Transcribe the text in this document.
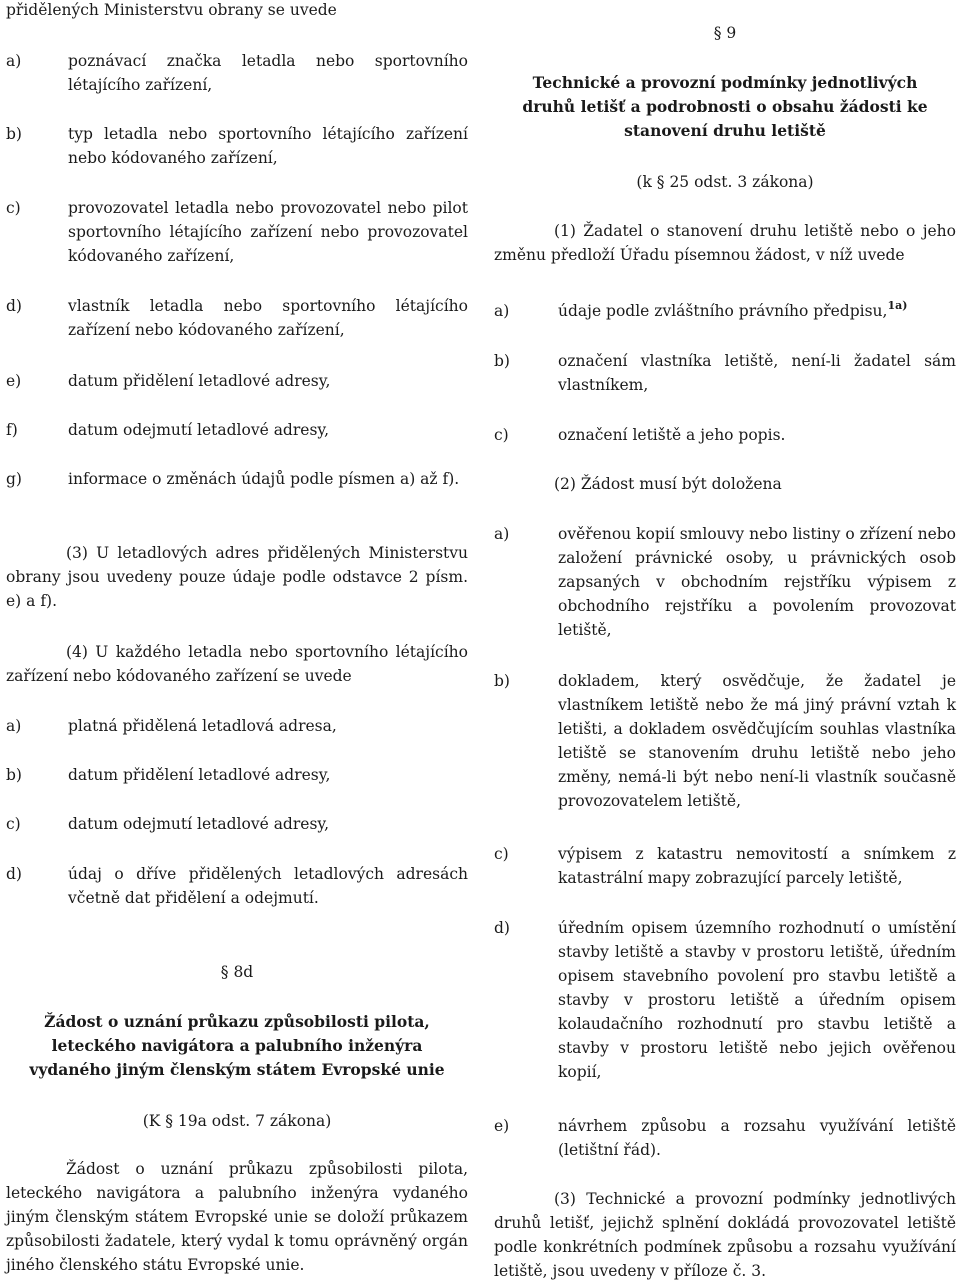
přidělených Ministerstvu obrany se uvede
a)	poznávací značka letadla nebo sportovního létajícího zařízení,
b)	typ letadla nebo sportovního létajícího zařízení nebo kódovaného zařízení,
c)	provozovatel letadla nebo provozovatel nebo pilot sportovního létajícího zařízení nebo provozovatel kódovaného zařízení,
d)	vlastník letadla nebo sportovního létajícího zařízení nebo kódovaného zařízení,
e)	datum přidělení letadlové adresy,
f)	datum odejmutí letadlové adresy,
g)	informace o změnách údajů podle písmen a) až f).
(3) U letadlových adres přidělených Ministerstvu obrany jsou uvedeny pouze údaje podle odstavce 2 písm. e) a f).
(4) U každého letadla nebo sportovního létajícího zařízení nebo kódovaného zařízení se uvede
a)	platná přidělená letadlová adresa,
b)	datum přidělení letadlové adresy,
c)	datum odejmutí letadlové adresy,
d)	údaj o dříve přidělených letadlových adresách včetně dat přidělení a odejmutí.
§ 8d
Žádost o uznání průkazu způsobilosti pilota, leteckého navigátora a palubního inženýra vydaného jiným členským státem Evropské unie
(K § 19a odst. 7 zákona)
Žádost o uznání průkazu způsobilosti pilota, leteckého navigátora a palubního inženýra vydaného jiným členským státem Evropské unie se doloží průkazem způsobilosti žadatele, který vydal k tomu oprávněný orgán jiného členského státu Evropské unie.
§ 9
Technické a provozní podmínky jednotlivých druhů letišť a podrobnosti o obsahu žádosti ke stanovení druhu letiště
(k § 25 odst. 3 zákona)
(1) Žadatel o stanovení druhu letiště nebo o jeho změnu předloží Úřadu písemnou žádost, v níž uvede
a)	údaje podle zvláštního právního předpisu,$^{1a)}$
b)	označení vlastníka letiště, není-li žadatel sám vlastníkem,
c)	označení letiště a jeho popis.
(2) Žádost musí být doložena
a)	ověřenou kopií smlouvy nebo listiny o zřízení nebo založení právnické osoby, u právnických osob zapsaných v obchodním rejstříku výpisem z obchodního rejstříku a povolením provozovat letiště,
b)	dokladem, který osvědčuje, že žadatel je vlastníkem letiště nebo že má jiný právní vztah k letišti, a dokladem osvědčujícím souhlas vlastníka letiště se stanovením druhu letiště nebo jeho změny, nemá-li být nebo není-li vlastník současně provozovatelem letiště,
c)	výpisem z katastru nemovitostí a snímkem z katastrální mapy zobrazující parcely letiště,
d)	úředním opisem územního rozhodnutí o umístění stavby letiště a stavby v prostoru letiště, úředním opisem stavebního povolení pro stavbu letiště a stavby v prostoru letiště a úředním opisem kolaudačního rozhodnutí pro stavbu letiště a stavby v prostoru letiště nebo jejich ověřenou kopií,
e)	návrhem způsobu a rozsahu využívání letiště (letištní řád).
(3) Technické a provozní podmínky jednotlivých druhů letišť, jejichž splnění dokládá provozovatel letiště podle konkrétních podmínek způsobu a rozsahu využívání letiště, jsou uvedeny v příloze č. 3.
